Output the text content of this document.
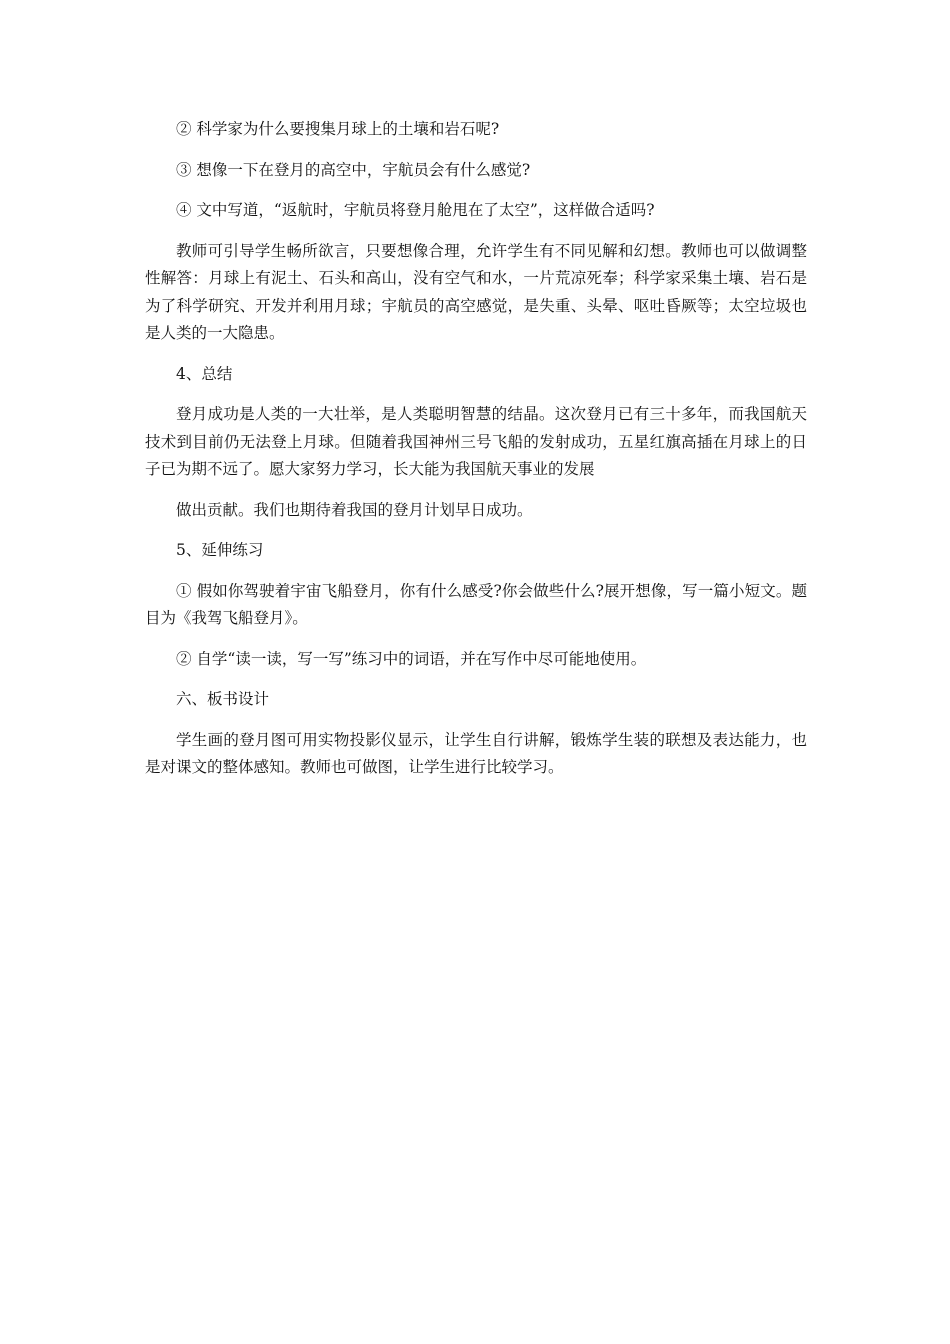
② 科学家为什么要搜集月球上的土壤和岩石呢?

③ 想像一下在登月的高空中，宇航员会有什么感觉?

④ 文中写道，“返航时，宇航员将登月舱甩在了太空”，这样做合适吗?

教师可引导学生畅所欲言，只要想像合理，允许学生有不同见解和幻想。教师也可以做调整性解答：月球上有泥土、石头和高山，没有空气和水，一片荒凉死奉；科学家采集土壤、岩石是为了科学研究、开发并利用月球；宇航员的高空感觉，是失重、头晕、呕吐昏厥等；太空垃圾也是人类的一大隐患。

4、总结

登月成功是人类的一大壮举，是人类聪明智慧的结晶。这次登月已有三十多年，而我国航天技术到目前仍无法登上月球。但随着我国神州三号飞船的发射成功，五星红旗高插在月球上的日子已为期不远了。愿大家努力学习，长大能为我国航天事业的发展

做出贡献。我们也期待着我国的登月计划早日成功。

5、延伸练习

① 假如你驾驶着宇宙飞船登月，你有什么感受?你会做些什么?展开想像，写一篇小短文。题目为《我驾飞船登月》。

② 自学“读一读，写一写”练习中的词语，并在写作中尽可能地使用。

六、板书设计

学生画的登月图可用实物投影仪显示，让学生自行讲解，锻炼学生装的联想及表达能力，也是对课文的整体感知。教师也可做图，让学生进行比较学习。
